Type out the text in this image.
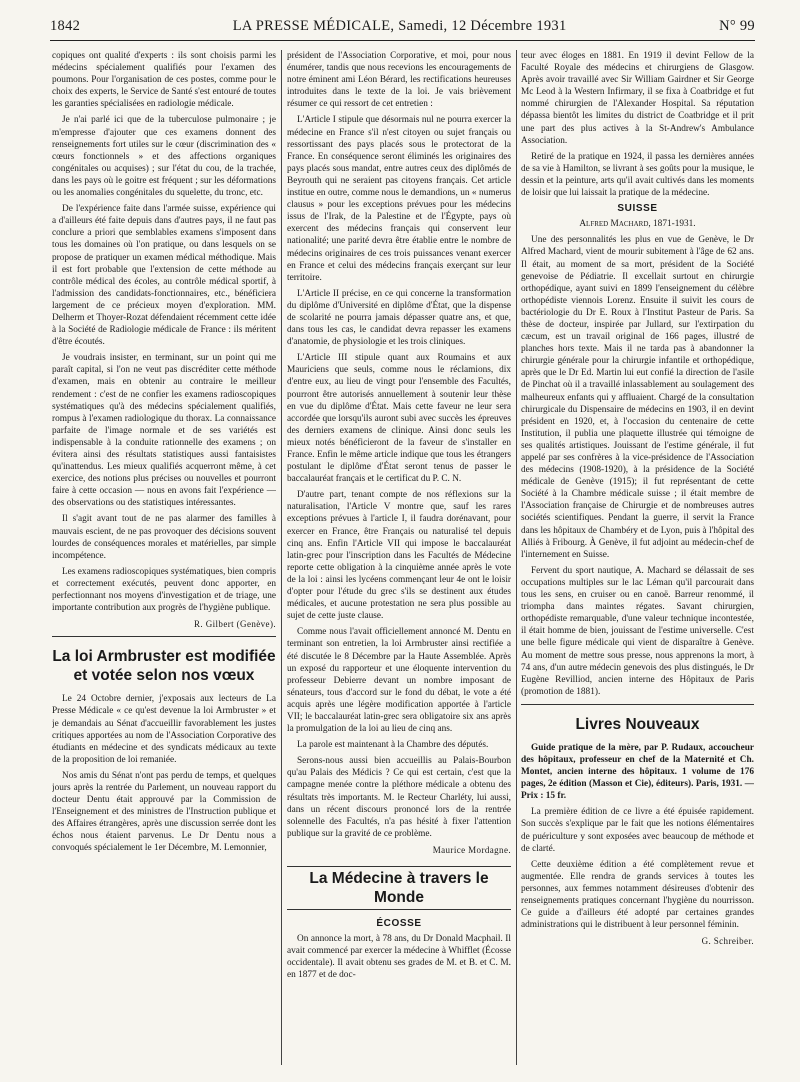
1842	LA PRESSE MÉDICALE, Samedi, 12 Décembre 1931	N° 99

copiques ont qualité d'experts : ils sont choisis parmi les médecins spécialement qualifiés pour l'examen des poumons. Pour l'organisation de ces postes, comme pour le choix des experts, le Service de Santé s'est entouré de toutes les garanties spécialisées en radiologie médicale.

Je n'ai parlé ici que de la tuberculose pulmonaire ; je m'empresse d'ajouter que ces examens donnent des renseignements fort utiles sur le cœur (discrimination des « cœurs fonctionnels » et des affections organiques congénitales ou acquises) ; sur l'état du cou, de la trachée, dans les pays où le goitre est fréquent ; sur les déformations ou les anomalies congénitales du squelette, du tronc, etc.

De l'expérience faite dans l'armée suisse, expérience qui a d'ailleurs été faite depuis dans d'autres pays, il ne faut pas conclure a priori que semblables examens s'imposent dans tous les domaines où l'on pratique, ou dans lesquels on se propose de pratiquer un examen médical méthodique. Mais il est fort probable que l'extension de cette méthode au contrôle médical des écoles, au contrôle médical sportif, à l'admission des candidats-fonctionnaires, etc., bénéficiera largement de ce précieux moyen d'exploration. MM. Delherm et Thoyer-Rozat défendaient récemment cette idée à la Société de Radiologie médicale de France : ils méritent d'être écoutés.

Je voudrais insister, en terminant, sur un point qui me paraît capital, si l'on ne veut pas discréditer cette méthode d'examen, mais en obtenir au contraire le meilleur rendement : c'est de ne confier les examens radioscopiques systématiques qu'à des médecins spécialement qualifiés, rompus à l'examen radiologique du thorax. La connaissance parfaite de l'image normale et de ses variétés est indispensable à la conduite rationnelle des examens ; on évitera ainsi des résultats statistiques aussi fantaisistes qu'inattendus. Les mieux qualifiés acquerront même, à cet exercice, des notions plus précises ou nouvelles et pourront faire à cette occasion — nous en avons fait l'expérience — des observations ou des statistiques intéressantes.

Il s'agit avant tout de ne pas alarmer des familles à mauvais escient, de ne pas provoquer des décisions souvent lourdes de conséquences morales et matérielles, par simple incompétence.

Les examens radioscopiques systématiques, bien compris et correctement exécutés, peuvent donc apporter, en perfectionnant nos moyens d'investigation et de triage, une importante contribution aux progrès de l'hygiène publique.

R. Gilbert (Genève).
La loi Armbruster est modifiée et votée selon nos vœux

Le 24 Octobre dernier, j'exposais aux lecteurs de La Presse Médicale « ce qu'est devenue la loi Armbruster » et je demandais au Sénat d'accueillir favorablement les justes critiques apportées au nom de l'Association Corporative des étudiants en médecine et des syndicats médicaux au texte de la proposition de loi remaniée.

Nos amis du Sénat n'ont pas perdu de temps, et quelques jours après la rentrée du Parlement, un nouveau rapport du docteur Dentu était approuvé par la Commission de l'Enseignement et des ministres de l'Instruction publique et des Affaires étrangères, après une discussion serrée dont les échos nous étaient parvenus. Le Dr Dentu nous a convoqués spécialement le 1er Décembre, M. Lemonnier,

président de l'Association Corporative, et moi, pour nous énumérer, tandis que nous recevions les encouragements de notre éminent ami Léon Bérard, les rectifications heureuses introduites dans le texte de la loi. Je vais brièvement résumer ce qui ressort de cet entretien :

L'Article I stipule que désormais nul ne pourra exercer la médecine en France s'il n'est citoyen ou sujet français ou ressortissant des pays placés sous le protectorat de la France. En conséquence seront éliminés les originaires des pays placés sous mandat, entre autres ceux des diplômés de Beyrouth qui ne seraient pas citoyens français. Cet article institue en outre, comme nous le demandions, un « numerus clausus » pour les exceptions prévues pour les médecins issus de l'Irak, de la Palestine et de l'Égypte, pays où exercent des médecins français qui conservent leur nationalité; une parité devra être établie entre le nombre de médecins originaires de ces trois puissances venant exercer en France et celui des médecins français exerçant sur leur territoire.

L'Article II précise, en ce qui concerne la transformation du diplôme d'Université en diplôme d'État, que la dispense de scolarité ne pourra jamais dépasser quatre ans, et que, dans tous les cas, le candidat devra repasser les examens d'anatomie, de physiologie et les trois cliniques.

L'Article III stipule quant aux Roumains et aux Mauriciens que seuls, comme nous le réclamions, dix d'entre eux, au lieu de vingt pour l'ensemble des Facultés, pourront être autorisés annuellement à soutenir leur thèse en vue du diplôme d'État. Mais cette faveur ne leur sera accordée que lorsqu'ils auront subi avec succès les épreuves des derniers examens de clinique. Ainsi donc seuls les mieux notés bénéficieront de la faveur de s'installer en France. Enfin le même article indique que tous les étrangers postulant le diplôme d'État seront tenus de passer le baccalauréat français et le certificat du P. C. N.

D'autre part, tenant compte de nos réflexions sur la naturalisation, l'Article V montre que, sauf les rares exceptions prévues à l'article I, il faudra dorénavant, pour exercer en France, être Français ou naturalisé tel depuis cinq ans. Enfin l'Article VII qui impose le baccalauréat latin-grec pour l'inscription dans les Facultés de Médecine reporte cette obligation à la cinquième année après le vote de la loi : ainsi les lycéens commençant leur 4e ont le loisir d'opter pour l'étude du grec s'ils se destinent aux études médicales, et aucune protestation ne sera plus possible au sujet de cette juste clause.

Comme nous l'avait officiellement annoncé M. Dentu en terminant son entretien, la loi Armbruster ainsi rectifiée a été discutée le 8 Décembre par la Haute Assemblée. Après un exposé du rapporteur et une éloquente intervention du professeur Debierre devant un nombre imposant de sénateurs, tous d'accord sur le fond du débat, le vote a été acquis après une légère modification apportée à l'article VII; le baccalauréat latin-grec sera obligatoire six ans après la promulgation de la loi au lieu de cinq ans.

La parole est maintenant à la Chambre des députés.

Serons-nous aussi bien accueillis au Palais-Bourbon qu'au Palais des Médicis ? Ce qui est certain, c'est que la campagne menée contre la pléthore médicale a obtenu des résultats très importants. M. le Recteur Charléty, lui aussi, dans un récent discours prononcé lors de la rentrée solennelle des Facultés, n'a pas hésité à fixer l'attention publique sur la gravité de ce problème.

Maurice Mordagne.
La Médecine à travers le Monde
ÉCOSSE

On annonce la mort, à 78 ans, du Dr Donald Macphail. Il avait commencé par exercer la médecine à Whifflet (Écosse occidentale). Il avait obtenu ses grades de M. et B. et C. M. en 1877 et de doc-

teur avec éloges en 1881. En 1919 il devint Fellow de la Faculté Royale des médecins et chirurgiens de Glasgow. Après avoir travaillé avec Sir William Gairdner et Sir George Mc Leod à la Western Infirmary, il se fixa à Coatbridge et fut nommé chirurgien de l'Alexander Hospital. Sa réputation dépassa bientôt les limites du district de Coatbridge et il prit une part des plus actives à la St-Andrew's Ambulance Association.

Retiré de la pratique en 1924, il passa les dernières années de sa vie à Hamilton, se livrant à ses goûts pour la musique, le dessin et la peinture, arts qu'il avait cultivés dans les moments de loisir que lui laissait la pratique de la médecine.

SUISSE
Alfred Machard, 1871-1931.

Une des personnalités les plus en vue de Genève, le Dr Alfred Machard, vient de mourir subitement à l'âge de 62 ans. Il était, au moment de sa mort, président de la Société genevoise de Pédiatrie. Il excellait surtout en chirurgie orthopédique, ayant suivi en 1899 l'enseignement du célèbre orthopédiste viennois Lorenz. Ensuite il suivit les cours de bactériologie du Dr E. Roux à l'Institut Pasteur de Paris. Sa thèse de docteur, inspirée par Jullard, sur l'extirpation du cæcum, est un travail original de 166 pages, illustré de planches hors texte. Mais il ne tarda pas à abandonner la chirurgie générale pour la chirurgie infantile et orthopédique, après que le Dr Ed. Martin lui eut confié la direction de l'asile de Pinchat où il a travaillé inlassablement au soulagement des malheureux enfants qui y affluaient. Chargé de la consultation chirurgicale du Dispensaire de médecins en 1903, il en devint président en 1920, et, à l'occasion du centenaire de cette Institution, il publia une plaquette illustrée qui témoigne de ses qualités artistiques. Jouissant de l'estime générale, il fut appelé par ses confrères à la vice-présidence de l'Association des médecins (1908-1920), à la présidence de la Société médicale de Genève (1915); il fut représentant de cette Société à la Chambre médicale suisse ; il était membre de l'Association française de Chirurgie et de nombreuses autres sociétés scientifiques. Pendant la guerre, il servit la France dans les hôpitaux de Chambéry et de Lyon, puis à l'hôpital des Alliés à Fribourg. À Genève, il fut adjoint au médecin-chef de l'internement en Suisse.

Fervent du sport nautique, A. Machard se délassait de ses occupations multiples sur le lac Léman qu'il parcourait dans tous les sens, en cruiser ou en canoë. Barreur renommé, il triompha dans maintes régates. Savant chirurgien, orthopédiste remarquable, d'une valeur technique incontestée, il était homme de bien, jouissant de l'estime universelle. C'est une belle figure médicale qui vient de disparaître à Genève. Au moment de mettre sous presse, nous apprenons la mort, à 74 ans, d'un autre médecin genevois des plus distingués, le Dr Eugène Revilliod, ancien interne des Hôpitaux de Paris (promotion de 1881).

Livres Nouveaux

Guide pratique de la mère, par P. Rudaux, accoucheur des hôpitaux, professeur en chef de la Maternité et Ch. Montet, ancien interne des hôpitaux. 1 volume de 176 pages, 2e édition (Masson et Cie), éditeurs). Paris, 1931. — Prix : 15 fr.

La première édition de ce livre a été épuisée rapidement. Son succès s'explique par le fait que les notions élémentaires de puériculture y sont exposées avec beaucoup de méthode et de clarté.

Cette deuxième édition a été complètement revue et augmentée. Elle rendra de grands services à toutes les personnes, aux femmes notamment désireuses d'obtenir des renseignements pratiques concernant l'hygiène du nourrisson. Ce guide a d'ailleurs été adopté par certaines grandes administrations qui le distribuent à leur personnel féminin.

G. Schreiber.
